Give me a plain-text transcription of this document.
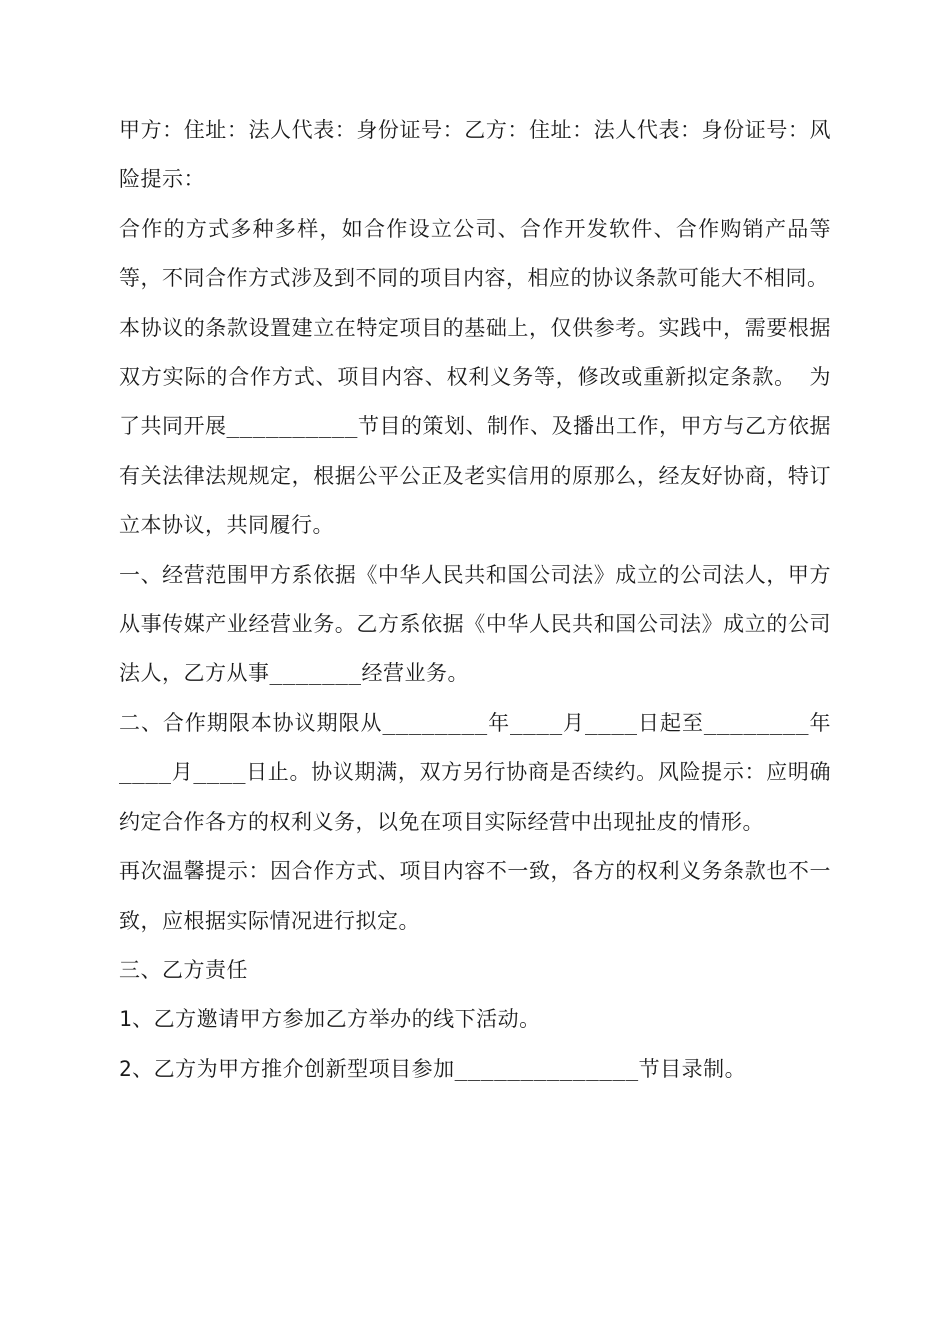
甲方：住址：法人代表：身份证号：乙方：住址：法人代表：身份证号：风险提示：

合作的方式多种多样，如合作设立公司、合作开发软件、合作购销产品等等，不同合作方式涉及到不同的项目内容，相应的协议条款可能大不相同。

本协议的条款设置建立在特定项目的基础上，仅供参考。实践中，需要根据双方实际的合作方式、项目内容、权利义务等，修改或重新拟定条款。 为了共同开展__________节目的策划、制作、及播出工作，甲方与乙方依据有关法律法规规定，根据公平公正及老实信用的原那么，经友好协商，特订立本协议，共同履行。

一、经营范围甲方系依据《中华人民共和国公司法》成立的公司法人，甲方从事传媒产业经营业务。乙方系依据《中华人民共和国公司法》成立的公司法人，乙方从事_______经营业务。

二、合作期限本协议期限从________年____月____日起至________年____月____日止。协议期满，双方另行协商是否续约。风险提示：应明确约定合作各方的权利义务，以免在项目实际经营中出现扯皮的情形。

再次温馨提示：因合作方式、项目内容不一致，各方的权利义务条款也不一致，应根据实际情况进行拟定。

三、乙方责任

1、乙方邀请甲方参加乙方举办的线下活动。

2、乙方为甲方推介创新型项目参加______________节目录制。
